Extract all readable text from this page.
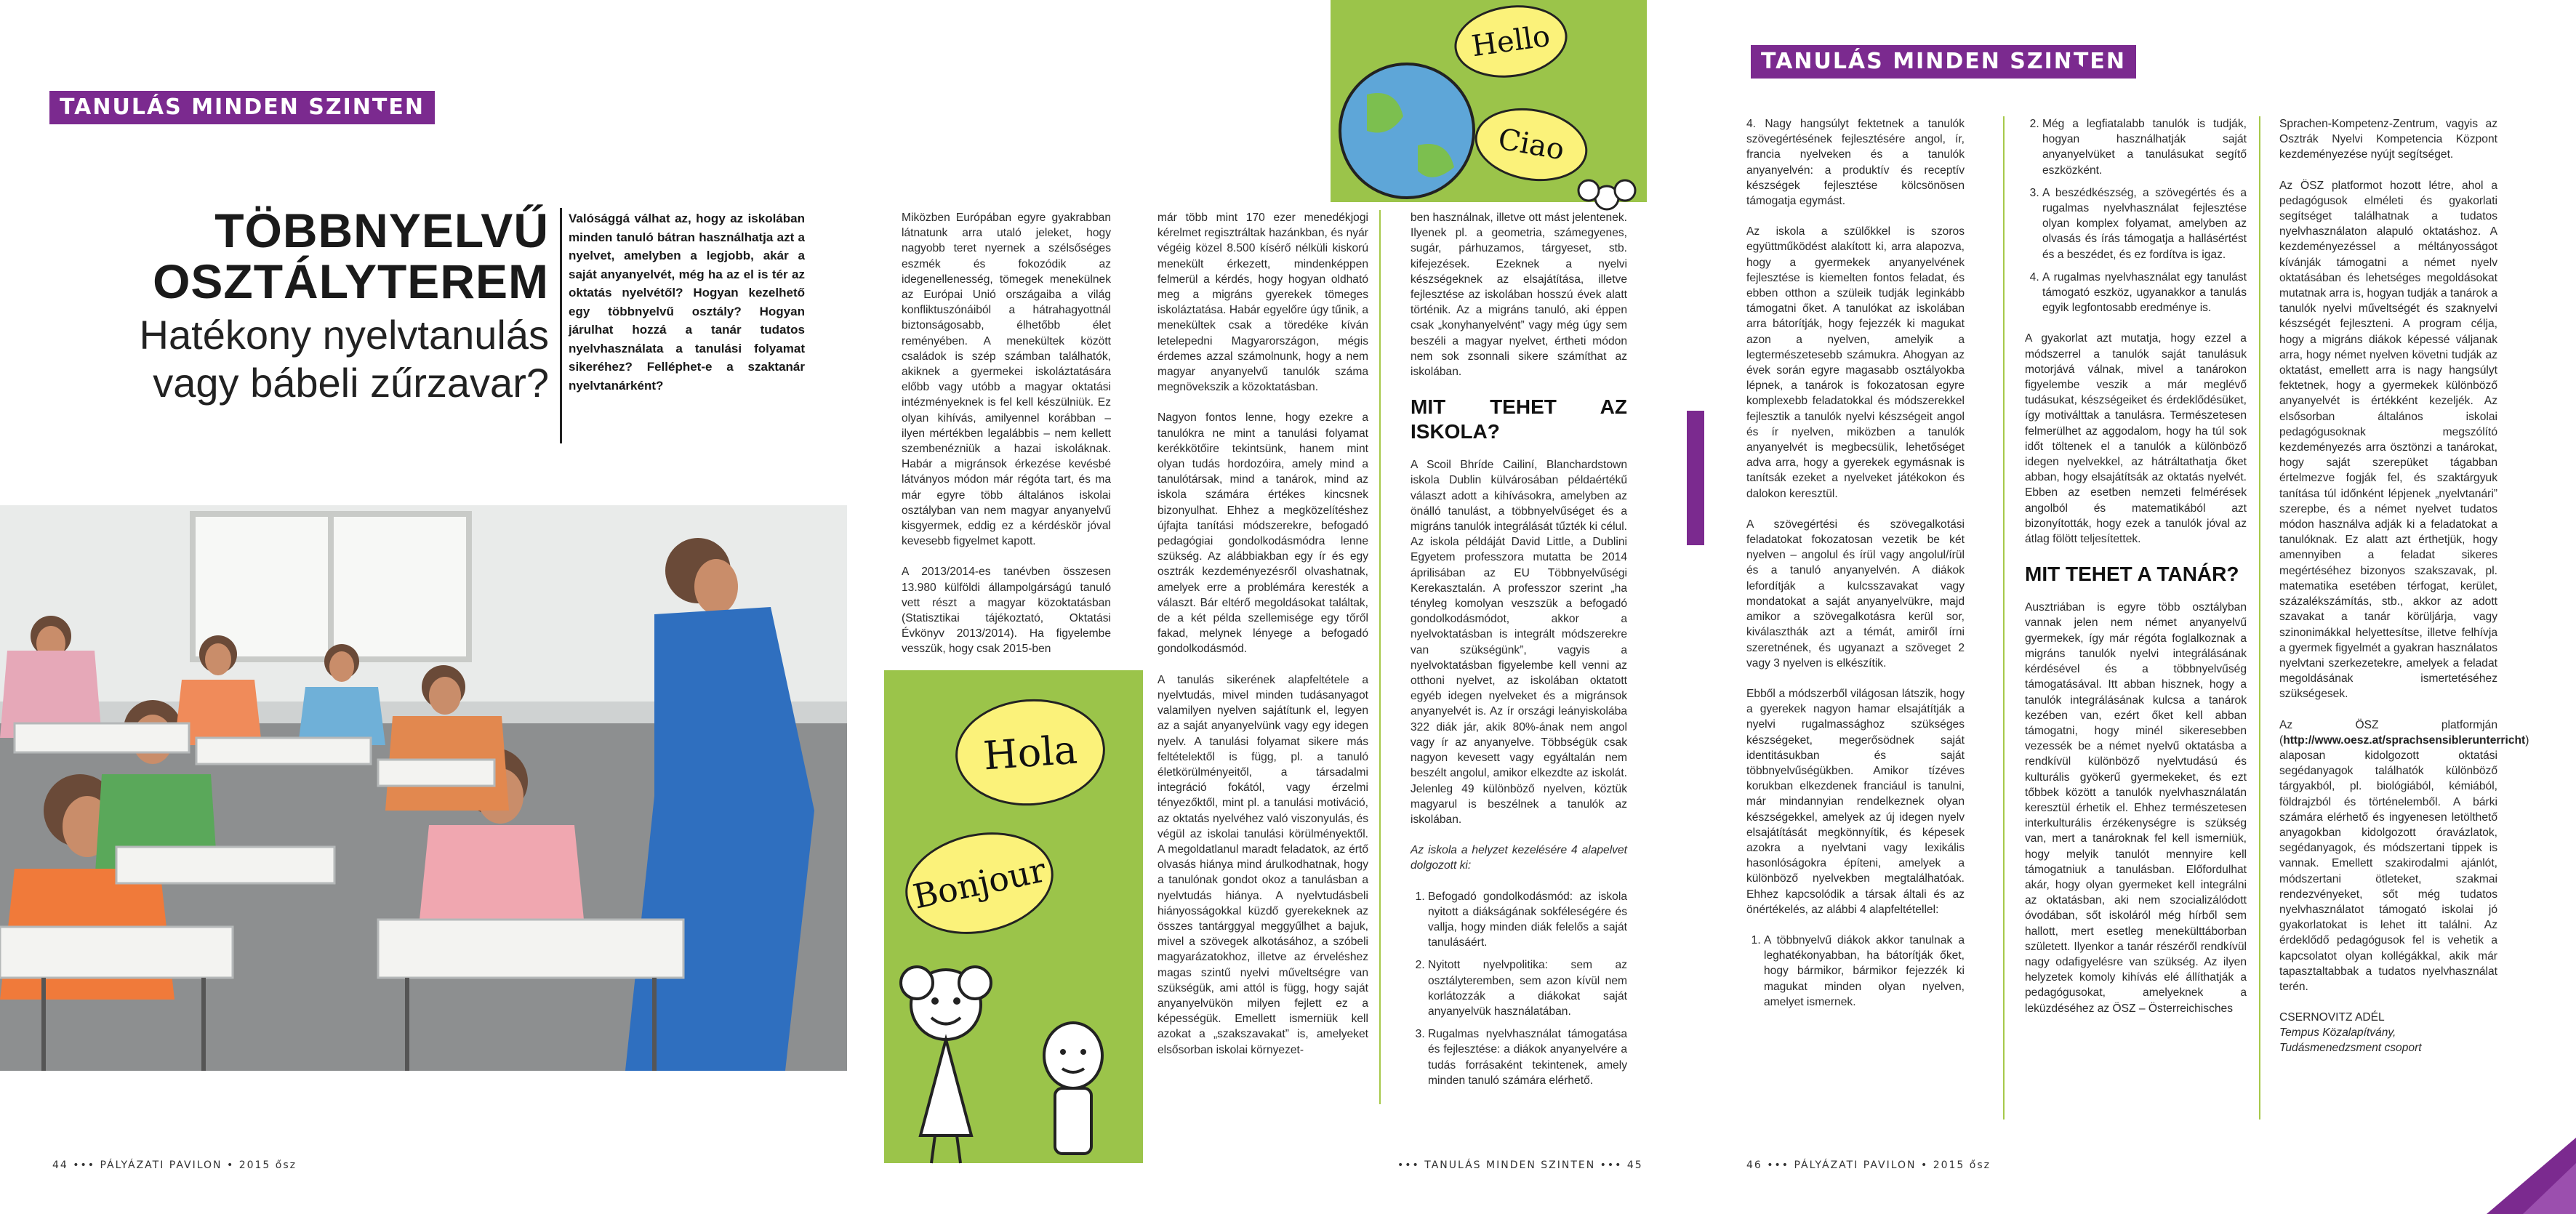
TANULÁS MINDEN SZINTEN
TÖBBNYELVŰ
OSZTÁLYTEREM
Hatékony nyelvtanulás
vagy bábeli zűrzavar?
Valósággá válhat az, hogy az iskolában minden tanuló bátran használhatja azt a nyelvet, amelyben a legjobb, akár a saját anyanyelvét, még ha az el is tér az oktatás nyelvétől? Hogyan kezelhető egy többnyelvű osztály? Hogyan járulhat hozzá a tanár tudatos nyelvhasználata a tanulási folyamat sikeréhez? Felléphet-e a szaktanár nyelvtanárként?
44 ••• PÁLYÁZATI PAVILON • 2015 ősz
Hello
Ciao

Miközben Európában egyre gyakrabban látnatunk arra utaló jeleket, hogy nagyobb teret nyernek a szélsőséges eszmék és fokozódik az idegenellenesség, tömegek menekülnek az Európai Unió országaiba a világ konfliktuszónáiból a hátrahagyottnál biztonságosabb, élhetőbb élet reményében. A menekültek között családok is szép számban találhatók, akiknek a gyermekei iskoláztatására előbb vagy utóbb a magyar oktatási intézményeknek is fel kell készülniük. Ez olyan kihívás, amilyennel korábban – ilyen mértékben legalábbis – nem kellett szembenézniük a hazai iskoláknak. Habár a migránsok érkezése kevésbé látványos módon már régóta tart, és ma már egyre több általános iskolai osztályban van nem magyar anyanyelvű kisgyermek, eddig ez a kérdéskör jóval kevesebb figyelmet kapott.

A 2013/2014-es tanévben összesen 13.980 külföldi állampolgárságú tanuló vett részt a magyar közoktatásban (Statisztikai tájékoztató, Oktatási Évkönyv 2013/2014). Ha figyelembe vesszük, hogy csak 2015-ben

Hola
Bonjour

már több mint 170 ezer menedékjogi kérelmet regisztráltak hazánkban, és nyár végéig közel 8.500 kísérő nélküli kiskorú menekült érkezett, mindenképpen felmerül a kérdés, hogy hogyan oldható meg a migráns gyerekek tömeges iskoláztatása. Habár egyelőre úgy tűnik, a menekültek csak a töredéke kíván letelepedni Magyarországon, mégis érdemes azzal számolnunk, hogy a nem magyar anyanyelvű tanulók száma megnövekszik a közoktatásban.

Nagyon fontos lenne, hogy ezekre a tanulókra ne mint a tanulási folyamat kerékkötőire tekintsünk, hanem mint olyan tudás hordozóira, amely mind a tanulótársak, mind a tanárok, mind az iskola számára értékes kincsnek bizonyulhat. Ehhez a megközelítéshez újfajta tanítási módszerekre, befogadó pedagógiai gondolkodásmódra lenne szükség. Az alábbiakban egy ír és egy osztrák kezdeményezésről olvashatnak, amelyek erre a problémára keresték a választ. Bár eltérő megoldásokat találtak, de a két példa szellemisége egy tőről fakad, melynek lényege a befogadó gondolkodásmód.

A tanulás sikerének alapfeltétele a nyelvtudás, mivel minden tudásanyagot valamilyen nyelven sajátítunk el, legyen az a saját anyanyelvünk vagy egy idegen nyelv. A tanulási folyamat sikere más feltételektől is függ, pl. a tanuló életkörülményeitől, a társadalmi integráció fokától, vagy érzelmi tényezőktől, mint pl. a tanulási motiváció, az oktatás nyelvéhez való viszonyulás, és végül az iskolai tanulási körülményektől. A megoldatlanul maradt feladatok, az értő olvasás hiánya mind árulkodhatnak, hogy a tanulónak gondot okoz a tanulásban a nyelvtudás hiánya. A nyelvtudásbeli hiányosságokkal küzdő gyerekeknek az összes tantárggyal meggyűlhet a bajuk, mivel a szövegek alkotásához, a szóbeli magyarázatokhoz, illetve az érveléshez magas szintű nyelvi műveltségre van szükségük, ami attól is függ, hogy saját anyanyelvükön milyen fejlett ez a képességük. Emellett ismerniük kell azokat a „szakszavakat” is, amelyeket elsősorban iskolai környezet-

ben használnak, illetve ott mást jelentenek. Ilyenek pl. a geometria, számegyenes, sugár, párhuzamos, tárgyeset, stb. kifejezések. Ezeknek a nyelvi készségeknek az elsajátítása, illetve fejlesztése az iskolában hosszú évek alatt történik. Az a migráns tanuló, aki éppen csak „konyhanyelvént” vagy még úgy sem beszéli a magyar nyelvet, értheti módon nem sok zsonnali sikere számíthat az iskolában.

MIT TEHET AZ ISKOLA?

A Scoil Bhríde Cailiní, Blanchardstown iskola Dublin külvárosában példaértékű választ adott a kihívásokra, amelyben az önálló tanulást, a többnyelvűséget és a migráns tanulók integrálását tűzték ki célul. Az iskola példáját David Little, a Dublini Egyetem professzora mutatta be 2014 áprilisában az EU Többnyelvűségi Kerekasztalán. A professzor szerint „ha tényleg komolyan veszszük a befogadó gondolkodásmódot, akkor a nyelvoktatásban is integrált módszerekre van szükségünk”, vagyis a nyelvoktatásban figyelembe kell venni az otthoni nyelvet, az iskolában oktatott egyéb idegen nyelveket és a migránsok anyanyelvét is. Az ír országi leányiskolába 322 diák jár, akik 80%-ának nem angol vagy ír az anyanyelve. Többségük csak nagyon kevesett vagy egyáltalán nem beszélt angolul, amikor elkezdte az iskolát. Jelenleg 49 különböző nyelven, köztük magyarul is beszélnek a tanulók az iskolában.

Az iskola a helyzet kezelésére 4 alapelvet dolgozott ki:

1. Befogadó gondolkodásmód: az iskola nyitott a diákságának sokféleségére és vallja, hogy minden diák felelős a saját tanulásáért.
2. Nyitott nyelvpolitika: sem az osztályteremben, sem azon kívül nem korlátozzák a diákokat saját anyanyelvük használatában.
3. Rugalmas nyelvhasználat támogatása és fejlesztése: a diákok anyanyelvére a tudás forrásaként tekintenek, amely minden tanuló számára elérhető.
••• TANULÁS MINDEN SZINTEN ••• 45
TANULÁS MINDEN SZINTEN
4. Nagy hangsúlyt fektetnek a tanulók szövegértésének fejlesztésére angol, ír, francia nyelveken és a tanulók anyanyelvén: a produktív és receptív készségek fejlesztése kölcsönösen támogatja egymást.

Az iskola a szülőkkel is szoros együttműködést alakított ki, arra alapozva, hogy a gyermekek anyanyelvének fejlesztése is kiemelten fontos feladat, és ebben otthon a szüleik tudják leginkább támogatni őket. A tanulókat az iskolában arra bátorítják, hogy fejezzék ki magukat azon a nyelven, amelyik a legtermészetesebb számukra. Ahogyan az évek során egyre magasabb osztályokba lépnek, a tanárok is fokozatosan egyre komplexebb feladatokkal és módszerekkel fejlesztik a tanulók nyelvi készségeit angol és ír nyelven, miközben a tanulók anyanyelvét is megbecsülik, lehetőséget adva arra, hogy a gyerekek egymásnak is tanítsák ezeket a nyelveket játékokon és dalokon keresztül.

A szövegértési és szövegalkotási feladatokat fokozatosan vezetik be két nyelven – angolul és írül vagy angolul/írül és a tanuló anyanyelvén. A diákok lefordítják a kulcsszavakat vagy mondatokat a saját anyanyelvükre, majd amikor a szövegalkotásra kerül sor, kiválaszthák azt a témát, amiről írni szeretnének, és ugyanazt a szöveget 2 vagy 3 nyelven is elkészítik.

Ebből a módszerből világosan látszik, hogy a gyerekek nagyon hamar elsajátítják a nyelvi rugalmassághoz szükséges készségeket, megerősödnek saját identitásukban és saját többnyelvűségükben. Amikor tízéves korukban elkezdenek franciául is tanulni, már mindannyian rendelkeznek olyan készségekkel, amelyek az új idegen nyelv elsajátítását megkönnyítik, és képesek azokra a nyelvtani vagy lexikális hasonlóságokra építeni, amelyek a különböző nyelvekben megtalálhatóak. Ehhez kapcsolódik a társak általi és az önértékelés, az alábbi 4 alapfeltétellel:

1. A többnyelvű diákok akkor tanulnak a leghatékonyabban, ha bátorítják őket, hogy bármikor, bármikor fejezzék ki magukat minden olyan nyelven, amelyet ismernek.
2. Még a legfiatalabb tanulók is tudják, hogyan használhatják saját anyanyelvüket a tanulásukat segítő eszközként.
3. A beszédkészség, a szövegértés és a rugalmas nyelvhasználat fejlesztése olyan komplex folyamat, amelyben az olvasás és írás támogatja a hallásértést és a beszédet, és ez fordítva is igaz.
4. A rugalmas nyelvhasználat egy tanulást támogató eszköz, ugyanakkor a tanulás egyik legfontosabb eredménye is.

A gyakorlat azt mutatja, hogy ezzel a módszerrel a tanulók saját tanulásuk motorjává válnak, mivel a tanárokon figyelembe veszik a már meglévő tudásukat, készségeiket és érdeklődésüket, így motiválttak a tanulásra. Természetesen felmerülhet az aggodalom, hogy ha túl sok időt töltenek el a tanulók a különböző idegen nyelvekkel, az hátráltathatja őket abban, hogy elsajátítsák az oktatás nyelvét. Ebben az esetben nemzeti felmérések angolból és matematikából azt bizonyították, hogy ezek a tanulók jóval az átlag fölött teljesítettek.

MIT TEHET A TANÁR?

Ausztriában is egyre több osztályban vannak jelen nem német anyanyelvű gyermekek, így már régóta foglalkoznak a migráns tanulók nyelvi integrálásának kérdésével és a többnyelvűség támogatásával. Itt abban hisznek, hogy a tanulók integrálásának kulcsa a tanárok kezében van, ezért őket kell abban támogatni, hogy minél sikeresebben vezessék be a német nyelvű oktatásba a rendkívül különböző nyelvtudású és kulturális gyökerű gyermekeket, és ezt tőbbek között a tanulók nyelvhasználatán keresztül érhetik el. Ehhez természetesen interkulturális érzékenységre is szükség van, mert a tanároknak fel kell ismerniük, hogy melyik tanulót mennyire kell támogatniuk a tanulásban. Előfordulhat akár, hogy olyan gyermeket kell integrálni az oktatásban, aki nem szocializálódott óvodában, sőt iskoláról még hírből sem hallott, mert esetleg menekülttáborban született. Ilyenkor a tanár részéről rendkívül nagy odafigyelésre van szükség. Az ilyen helyzetek komoly kihívás elé állíthatják a pedagógusokat, amelyeknek a leküzdéséhez az ÖSZ – Österreichisches

Sprachen-Kompetenz-Zentrum, vagyis az Osztrák Nyelvi Kompetencia Központ kezdeményezése nyújt segítséget.

Az ÖSZ platformot hozott létre, ahol a pedagógusok elméleti és gyakorlati segítséget találhatnak a tudatos nyelvhasználaton alapuló oktatáshoz. A kezdeményezéssel a méltányosságot kívánják támogatni a német nyelv oktatásában és lehetséges megoldásokat mutatnak arra is, hogyan tudják a tanárok a tanulók nyelvi műveltségét és szaknyelvi készségét fejleszteni. A program célja, hogy a migráns diákok képessé váljanak arra, hogy német nyelven követni tudják az oktatást, emellett arra is nagy hangsúlyt fektetnek, hogy a gyermekek különböző anyanyelvét is értékként kezeljék. Az elsősorban általános iskolai pedagógusoknak megszólító kezdeményezés arra ösztönzi a tanárokat, hogy saját szerepüket tágabban értelmezve fogják fel, és szaktárgyuk tanítása túl időnként lépjenek „nyelvtanári” szerepbe, és a német nyelvet tudatos módon használva adják ki a feladatokat a tanulóknak. Ez alatt azt érthetjük, hogy amennyiben a feladat sikeres megértéséhez bizonyos szakszavak, pl. matematika esetében térfogat, kerület, százalékszámítás, stb., akkor az adott szavakat a tanár körüljárja, vagy szinonimákkal helyettesítse, illetve felhívja a gyermek figyelmét a gyakran használatos nyelvtani szerkezetekre, amelyek a feladat megoldásának ismertetéséhez szükségesek.

Az ÖSZ platformján (http://www.oesz.at/sprachsensiblerunterricht) alaposan kidolgozott oktatási segédanyagok találhatók különböző tárgyakból, pl. biológiából, kémiából, földrajzból és történelemből. A bárki számára elérhető és ingyenesen letölthető anyagokban kidolgozott óravázlatok, segédanyagok, és módszertani tippek is vannak. Emellett szakirodalmi ajánlót, módszertani ötleteket, szakmai rendezvényeket, sőt még tudatos nyelvhasználatot támogató iskolai jó gyakorlatokat is lehet itt találni. Az érdeklődő pedagógusok fel is vehetik a kapcsolatot olyan kollégákkal, akik már tapasztaltabbak a tudatos nyelvhasználat terén.

CSERNOVITZ ADÉL
Tempus Közalapítvány,
Tudásmenedzsment csoport
46 ••• PÁLYÁZATI PAVILON • 2015 ősz
